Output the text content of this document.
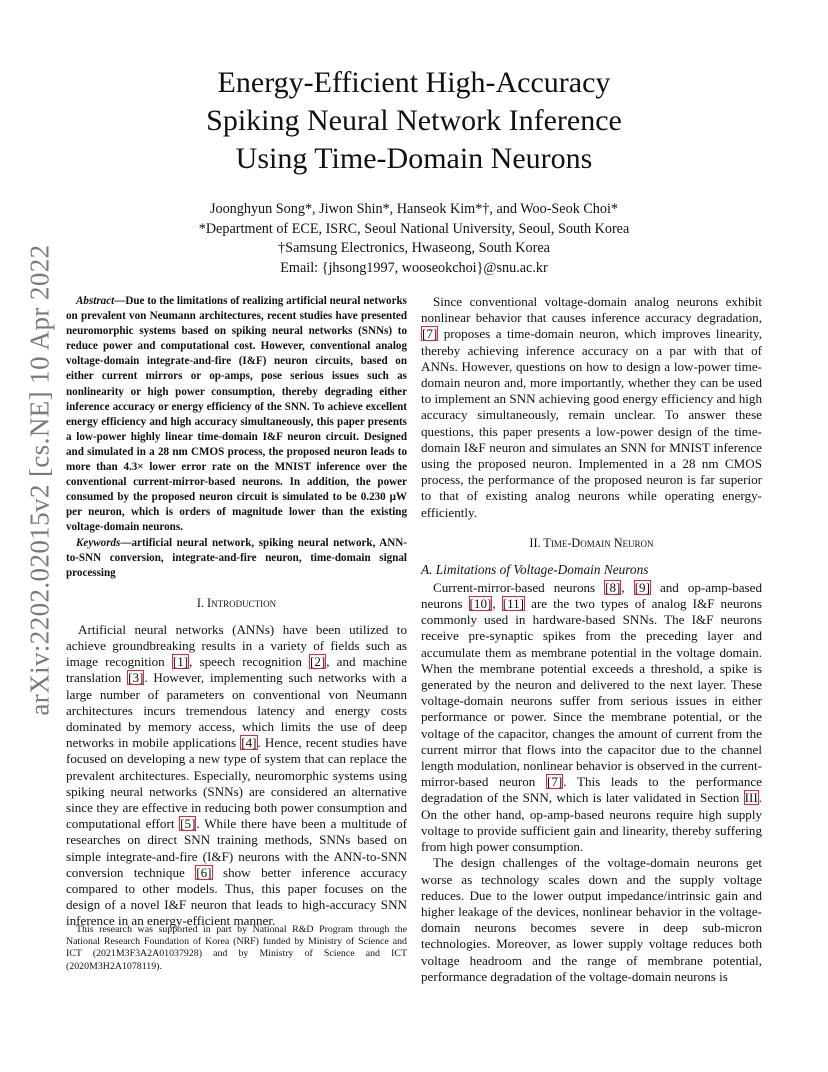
arXiv:2202.02015v2 [cs.NE] 10 Apr 2022
Energy-Efficient High-Accuracy
Spiking Neural Network Inference
Using Time-Domain Neurons
Joonghyun Song*, Jiwon Shin*, Hanseok Kim*†, and Woo-Seok Choi*
*Department of ECE, ISRC, Seoul National University, Seoul, South Korea
†Samsung Electronics, Hwaseong, South Korea
Email: {jhsong1997, wooseokchoi}@snu.ac.kr

Abstract—Due to the limitations of realizing artificial neural networks on prevalent von Neumann architectures, recent studies have presented neuromorphic systems based on spiking neural networks (SNNs) to reduce power and computational cost. However, conventional analog voltage-domain integrate-and-fire (I&F) neuron circuits, based on either current mirrors or op-amps, pose serious issues such as nonlinearity or high power consumption, thereby degrading either inference accuracy or energy efficiency of the SNN. To achieve excellent energy efficiency and high accuracy simultaneously, this paper presents a low-power highly linear time-domain I&F neuron circuit. Designed and simulated in a 28 nm CMOS process, the proposed neuron leads to more than 4.3× lower error rate on the MNIST inference over the conventional current-mirror-based neurons. In addition, the power consumed by the proposed neuron circuit is simulated to be 0.230 μW per neuron, which is orders of magnitude lower than the existing voltage-domain neurons.

Keywords—artificial neural network, spiking neural network, ANN-to-SNN conversion, integrate-and-fire neuron, time-domain signal processing

I. Introduction

Artificial neural networks (ANNs) have been utilized to achieve groundbreaking results in a variety of fields such as image recognition [1], speech recognition [2], and machine translation [3]. However, implementing such networks with a large number of parameters on conventional von Neumann architectures incurs tremendous latency and energy costs dominated by memory access, which limits the use of deep networks in mobile applications [4]. Hence, recent studies have focused on developing a new type of system that can replace the prevalent architectures. Especially, neuromorphic systems using spiking neural networks (SNNs) are considered an alternative since they are effective in reducing both power consumption and computational effort [5]. While there have been a multitude of researches on direct SNN training methods, SNNs based on simple integrate-and-fire (I&F) neurons with the ANN-to-SNN conversion technique [6] show better inference accuracy compared to other models. Thus, this paper focuses on the design of a novel I&F neuron that leads to high-accuracy SNN inference in an energy-efficient manner.

This research was supported in part by National R&D Program through the National Research Foundation of Korea (NRF) funded by Ministry of Science and ICT (2021M3F3A2A01037928) and by Ministry of Science and ICT (2020M3H2A1078119).

Since conventional voltage-domain analog neurons exhibit nonlinear behavior that causes inference accuracy degradation, [7] proposes a time-domain neuron, which improves linearity, thereby achieving inference accuracy on a par with that of ANNs. However, questions on how to design a low-power time-domain neuron and, more importantly, whether they can be used to implement an SNN achieving good energy efficiency and high accuracy simultaneously, remain unclear. To answer these questions, this paper presents a low-power design of the time-domain I&F neuron and simulates an SNN for MNIST inference using the proposed neuron. Implemented in a 28 nm CMOS process, the performance of the proposed neuron is far superior to that of existing analog neurons while operating energy-efficiently.

II. Time-Domain Neuron
A. Limitations of Voltage-Domain Neurons

Current-mirror-based neurons [8], [9] and op-amp-based neurons [10], [11] are the two types of analog I&F neurons commonly used in hardware-based SNNs. The I&F neurons receive pre-synaptic spikes from the preceding layer and accumulate them as membrane potential in the voltage domain. When the membrane potential exceeds a threshold, a spike is generated by the neuron and delivered to the next layer. These voltage-domain neurons suffer from serious issues in either performance or power. Since the membrane potential, or the voltage of the capacitor, changes the amount of current from the current mirror that flows into the capacitor due to the channel length modulation, nonlinear behavior is observed in the current-mirror-based neuron [7]. This leads to the performance degradation of the SNN, which is later validated in Section III. On the other hand, op-amp-based neurons require high supply voltage to provide sufficient gain and linearity, thereby suffering from high power consumption.

The design challenges of the voltage-domain neurons get worse as technology scales down and the supply voltage reduces. Due to the lower output impedance/intrinsic gain and higher leakage of the devices, nonlinear behavior in the voltage-domain neurons becomes severe in deep sub-micron technologies. Moreover, as lower supply voltage reduces both voltage headroom and the range of membrane potential, performance degradation of the voltage-domain neurons is
